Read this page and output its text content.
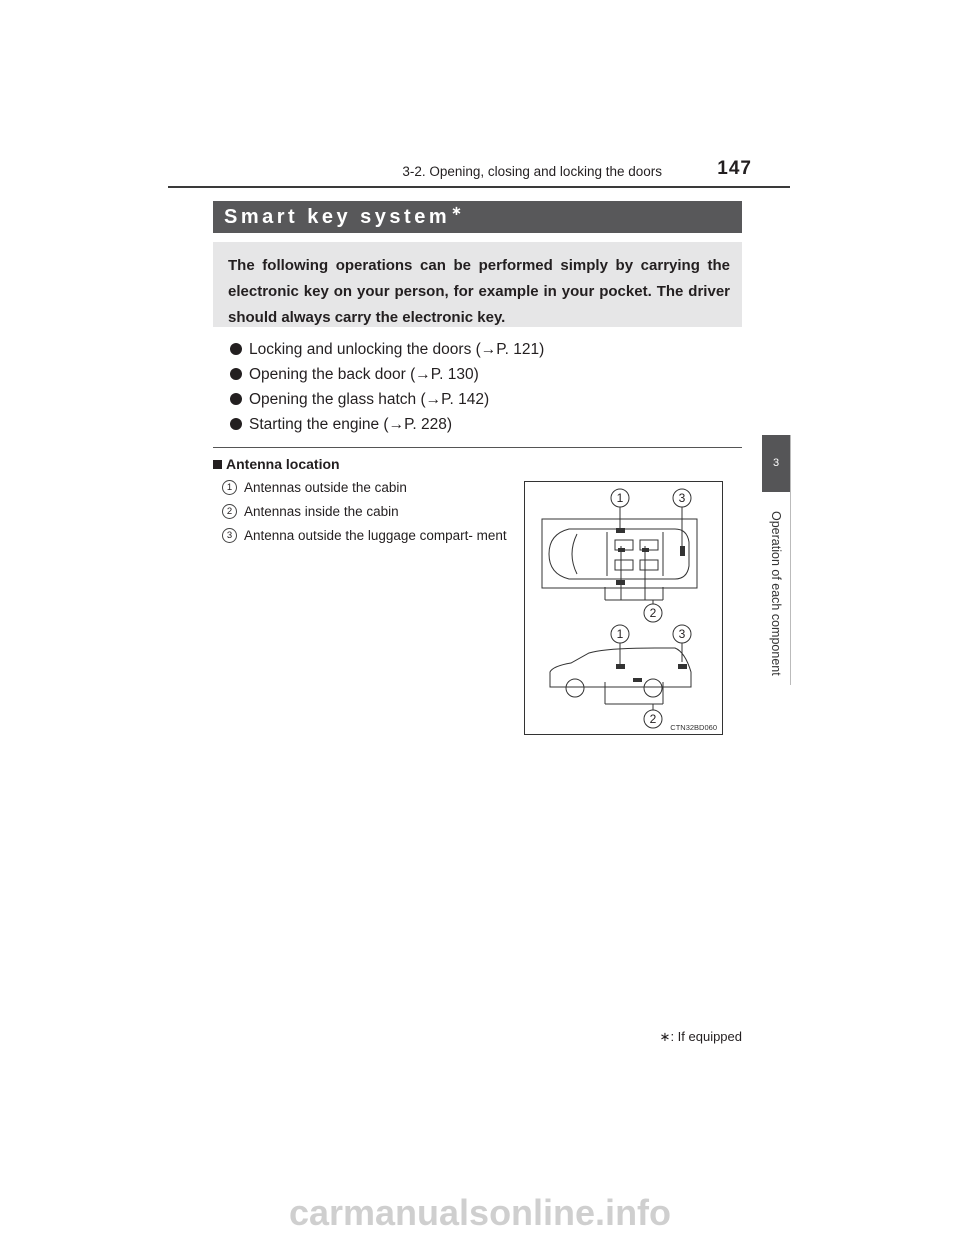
3-2. Opening, closing and locking the doors	147
3
Operation of each component
Smart key system∗
The following operations can be performed simply by carrying the electronic key on your person, for example in your pocket. The driver should always carry the electronic key.
Locking and unlocking the doors (→P. 121)
Opening the back door (→P. 130)
Opening the glass hatch (→P. 142)
Starting the engine (→P. 228)
Antenna location
1 Antennas outside the cabin
2 Antennas inside the cabin
3 Antenna outside the luggage compart- ment
1	3
2
1	3
2
CTN32BD060
∗: If equipped
carmanualsonline.info
